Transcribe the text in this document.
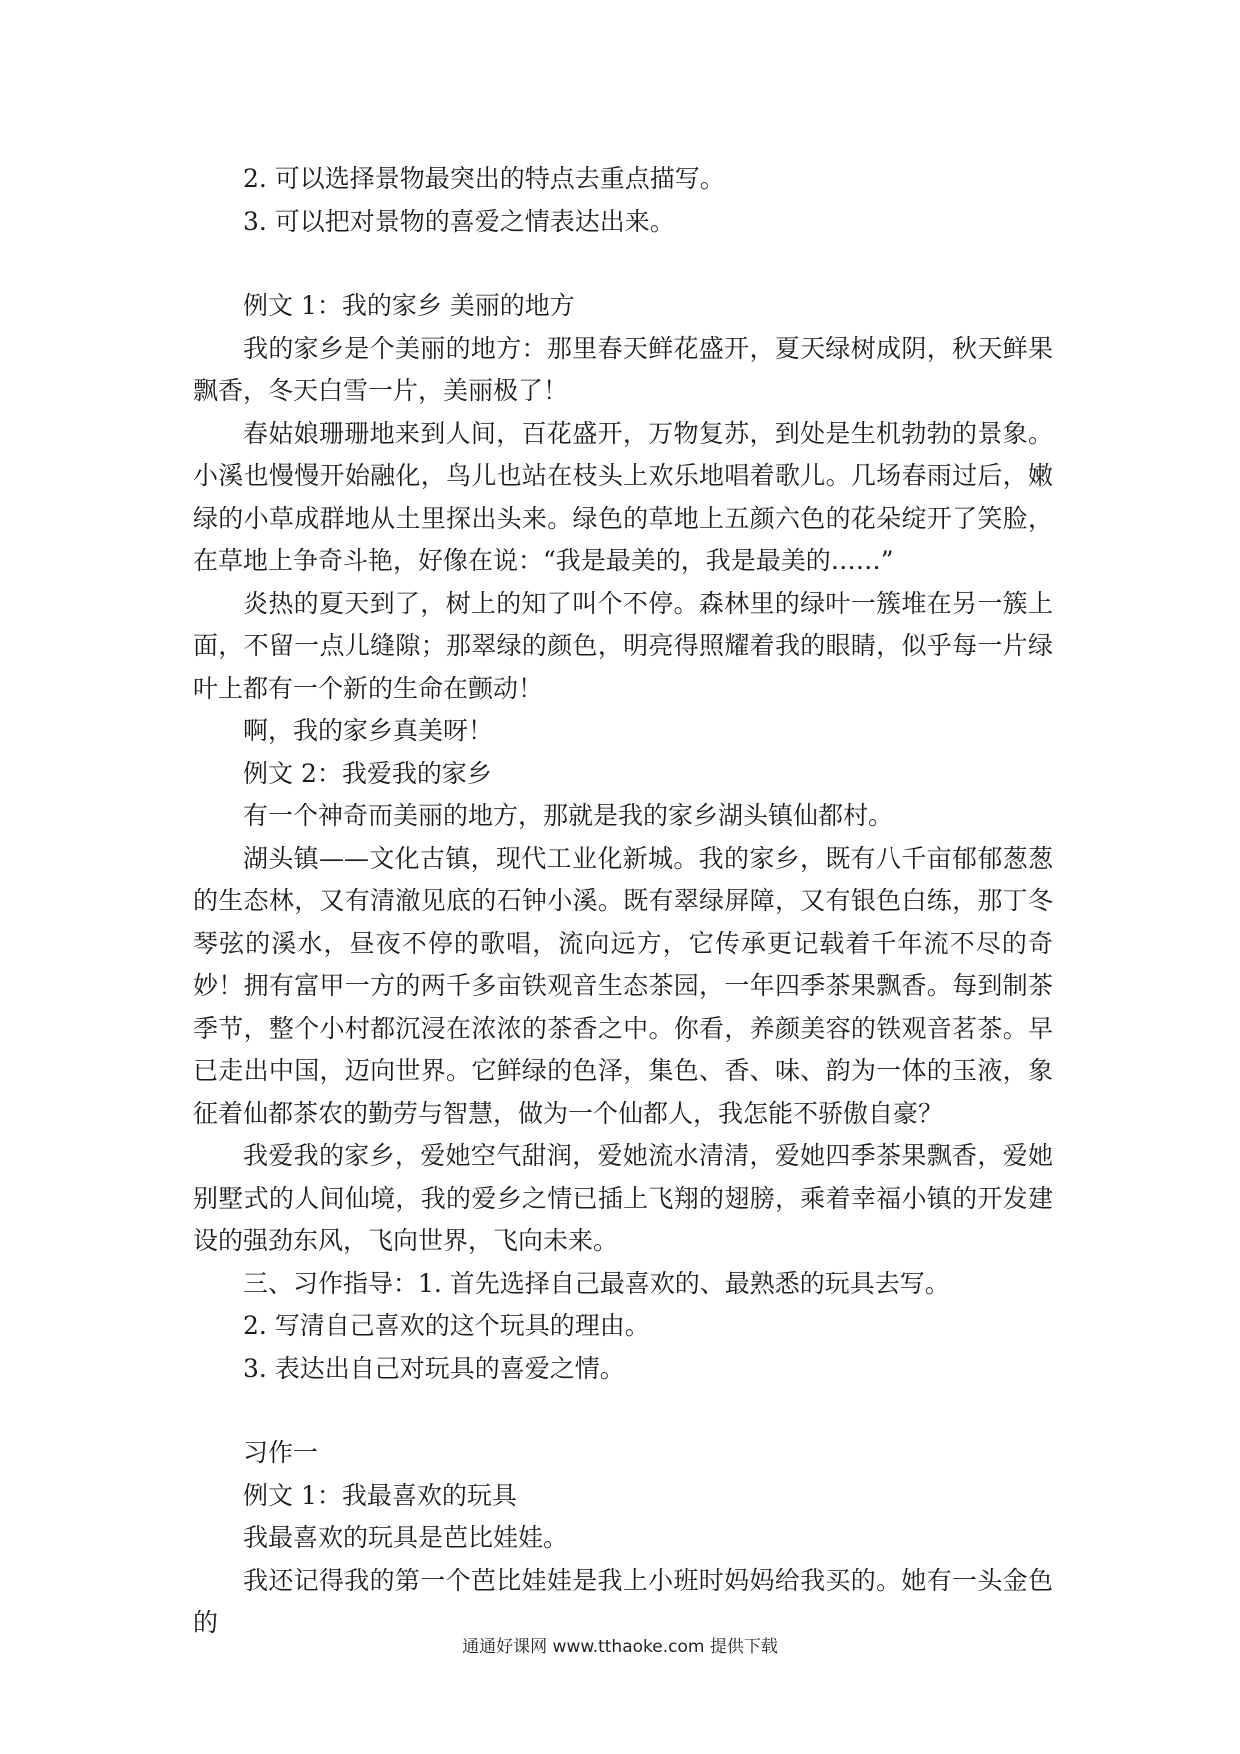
2. 可以选择景物最突出的特点去重点描写。

3. 可以把对景物的喜爱之情表达出来。

例文 1：我的家乡 美丽的地方

我的家乡是个美丽的地方：那里春天鲜花盛开，夏天绿树成阴，秋天鲜果飘香，冬天白雪一片，美丽极了！

春姑娘珊珊地来到人间，百花盛开，万物复苏，到处是生机勃勃的景象。小溪也慢慢开始融化，鸟儿也站在枝头上欢乐地唱着歌儿。几场春雨过后，嫩绿的小草成群地从土里探出头来。绿色的草地上五颜六色的花朵绽开了笑脸，在草地上争奇斗艳，好像在说：“我是最美的，我是最美的……”

炎热的夏天到了，树上的知了叫个不停。森林里的绿叶一簇堆在另一簇上面，不留一点儿缝隙；那翠绿的颜色，明亮得照耀着我的眼睛，似乎每一片绿叶上都有一个新的生命在颤动！

啊，我的家乡真美呀！

例文 2：我爱我的家乡

有一个神奇而美丽的地方，那就是我的家乡湖头镇仙都村。

湖头镇——文化古镇，现代工业化新城。我的家乡，既有八千亩郁郁葱葱的生态林，又有清澈见底的石钟小溪。既有翠绿屏障，又有银色白练，那丁冬琴弦的溪水，昼夜不停的歌唱，流向远方，它传承更记载着千年流不尽的奇妙！拥有富甲一方的两千多亩铁观音生态茶园，一年四季茶果飘香。每到制茶季节，整个小村都沉浸在浓浓的茶香之中。你看，养颜美容的铁观音茗茶。早已走出中国，迈向世界。它鲜绿的色泽，集色、香、味、韵为一体的玉液，象征着仙都茶农的勤劳与智慧，做为一个仙都人，我怎能不骄傲自豪？

我爱我的家乡，爱她空气甜润，爱她流水清清，爱她四季茶果飘香，爱她别墅式的人间仙境，我的爱乡之情已插上飞翔的翅膀，乘着幸福小镇的开发建设的强劲东风，飞向世界，飞向未来。

三、习作指导：1. 首先选择自己最喜欢的、最熟悉的玩具去写。

2. 写清自己喜欢的这个玩具的理由。

3. 表达出自己对玩具的喜爱之情。

习作一

例文 1：我最喜欢的玩具

我最喜欢的玩具是芭比娃娃。

我还记得我的第一个芭比娃娃是我上小班时妈妈给我买的。她有一头金色的

通通好课网 www.tthaoke.com 提供下载
